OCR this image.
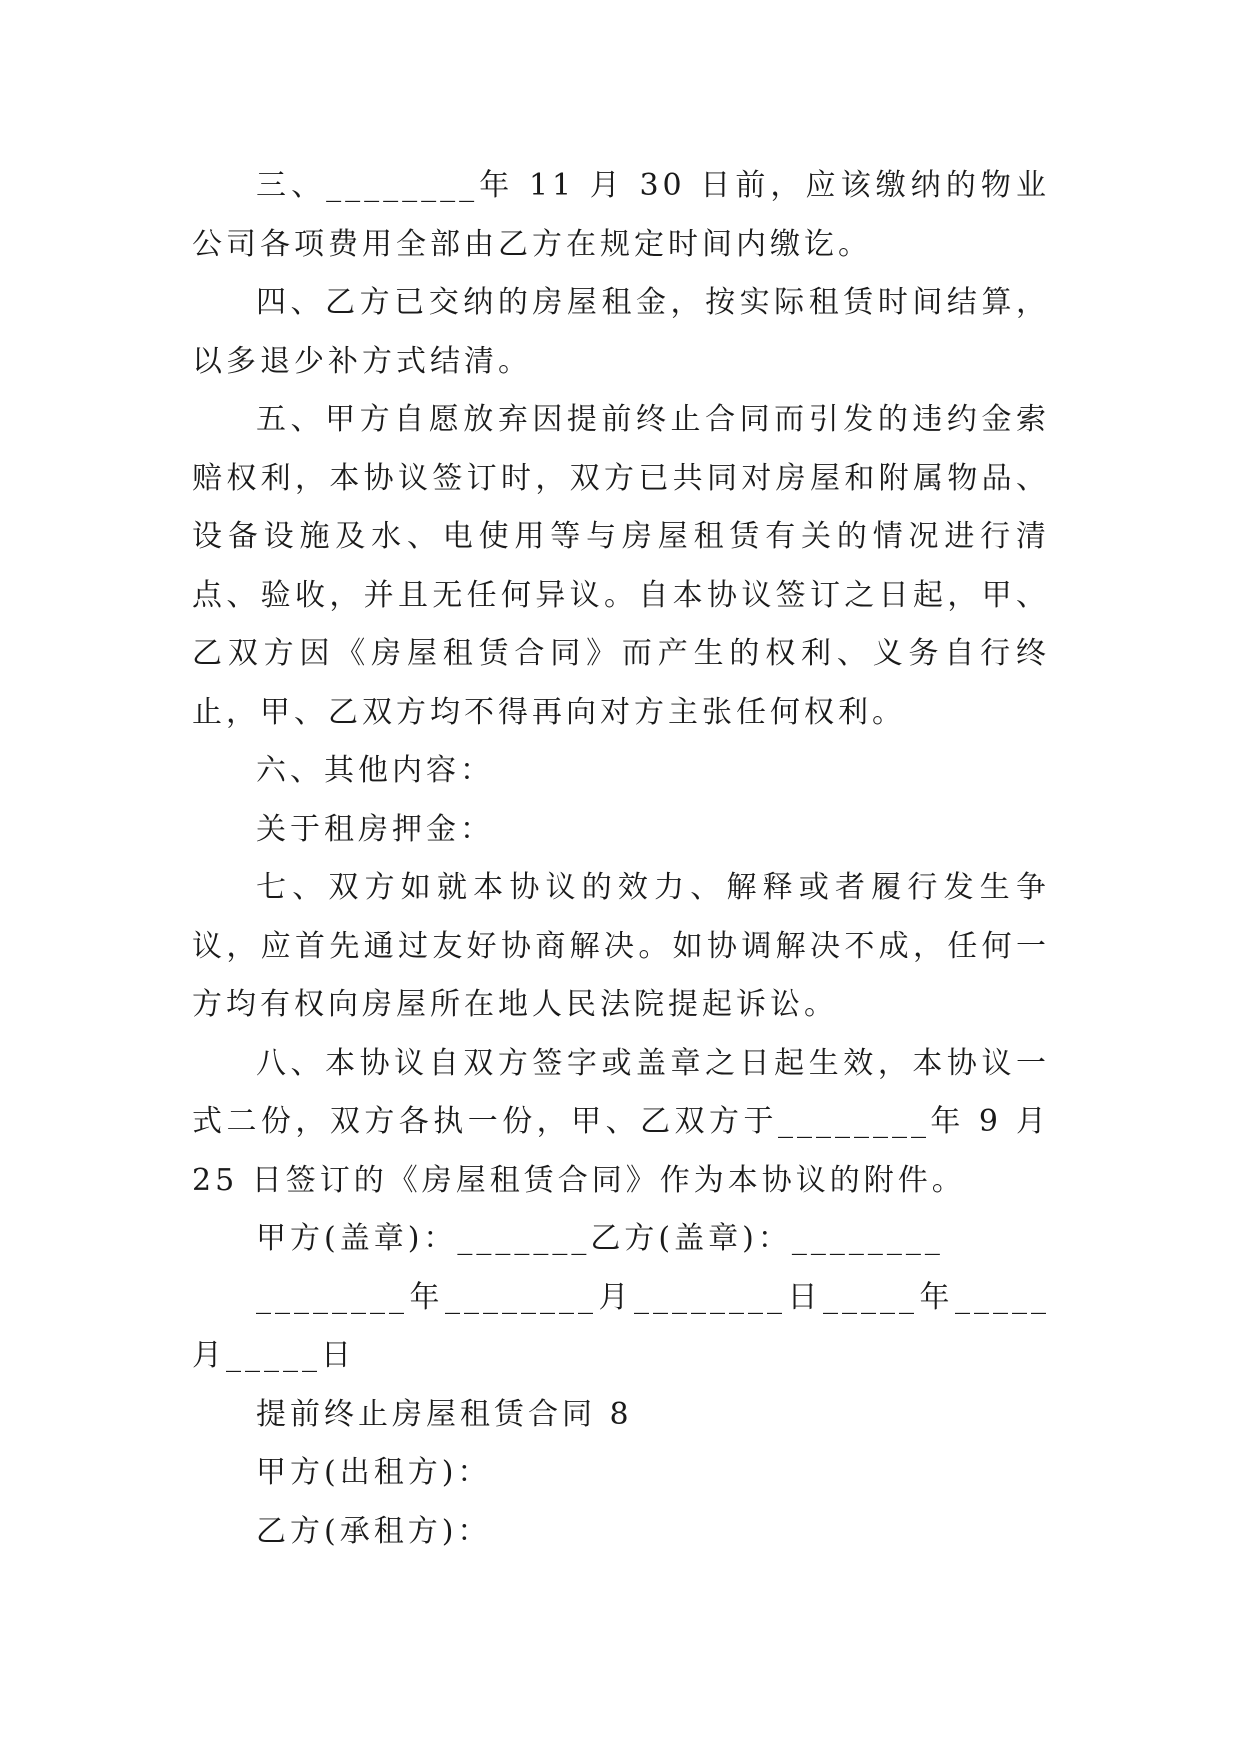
三、________年 11 月 30 日前，应该缴纳的物业公司各项费用全部由乙方在规定时间内缴讫。

四、乙方已交纳的房屋租金，按实际租赁时间结算，以多退少补方式结清。

五、甲方自愿放弃因提前终止合同而引发的违约金索赔权利，本协议签订时，双方已共同对房屋和附属物品、设备设施及水、电使用等与房屋租赁有关的情况进行清点、验收，并且无任何异议。自本协议签订之日起，甲、乙双方因《房屋租赁合同》而产生的权利、义务自行终止，甲、乙双方均不得再向对方主张任何权利。

六、其他内容：

关于租房押金：

七、双方如就本协议的效力、解释或者履行发生争议，应首先通过友好协商解决。如协调解决不成，任何一方均有权向房屋所在地人民法院提起诉讼。

八、本协议自双方签字或盖章之日起生效，本协议一式二份，双方各执一份，甲、乙双方于________年 9 月 25 日签订的《房屋租赁合同》作为本协议的附件。

甲方(盖章)：_______乙方(盖章)：________

________年________月________日_____年_____月_____日

提前终止房屋租赁合同 8

甲方(出租方)：

乙方(承租方)：
